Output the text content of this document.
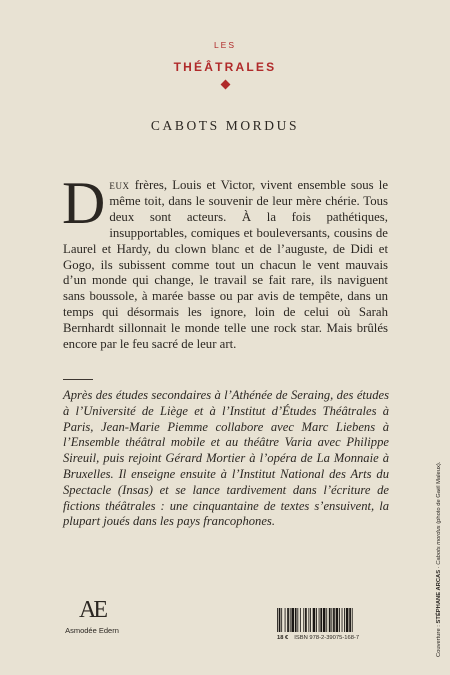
LES
THÉÂTRALES
CABOTS MORDUS
Deux frères, Louis et Victor, vivent ensemble sous le même toit, dans le souvenir de leur mère chérie. Tous deux sont acteurs. À la fois pathétiques, insupportables, comiques et bouleversants, cousins de Laurel et Hardy, du clown blanc et de l’auguste, de Didi et Gogo, ils subissent comme tout un chacun le vent mauvais d’un monde qui change, le travail se fait rare, ils naviguent sans boussole, à marée basse ou par avis de tempête, dans un temps qui désormais les ignore, loin de celui où Sarah Bernhardt sillonnait le monde telle une rock star. Mais brûlés encore par le feu sacré de leur art.
Après des études secondaires à l’Athénée de Seraing, des études à l’Université de Liège et à l’Institut d’Études Théâtrales à Paris, Jean-Marie Piemme collabore avec Marc Liebens à l’Ensemble théâtral mobile et au théâtre Varia avec Philippe Sireuil, puis rejoint Gérard Mortier à l’opéra de La Monnaie à Bruxelles. Il enseigne ensuite à l’Institut National des Arts du Spectacle (Insas) et se lance tardivement dans l’écriture de fictions théâtrales : une cinquantaine de textes s’ensuivent, la plupart joués dans les pays francophones.
AE
Asmodée Edern
18 € ISBN 978-2-39075-168-7	Couverture : STÉPHANE ARCAS · Cabots mordus (photo de Gaël Maleux).
